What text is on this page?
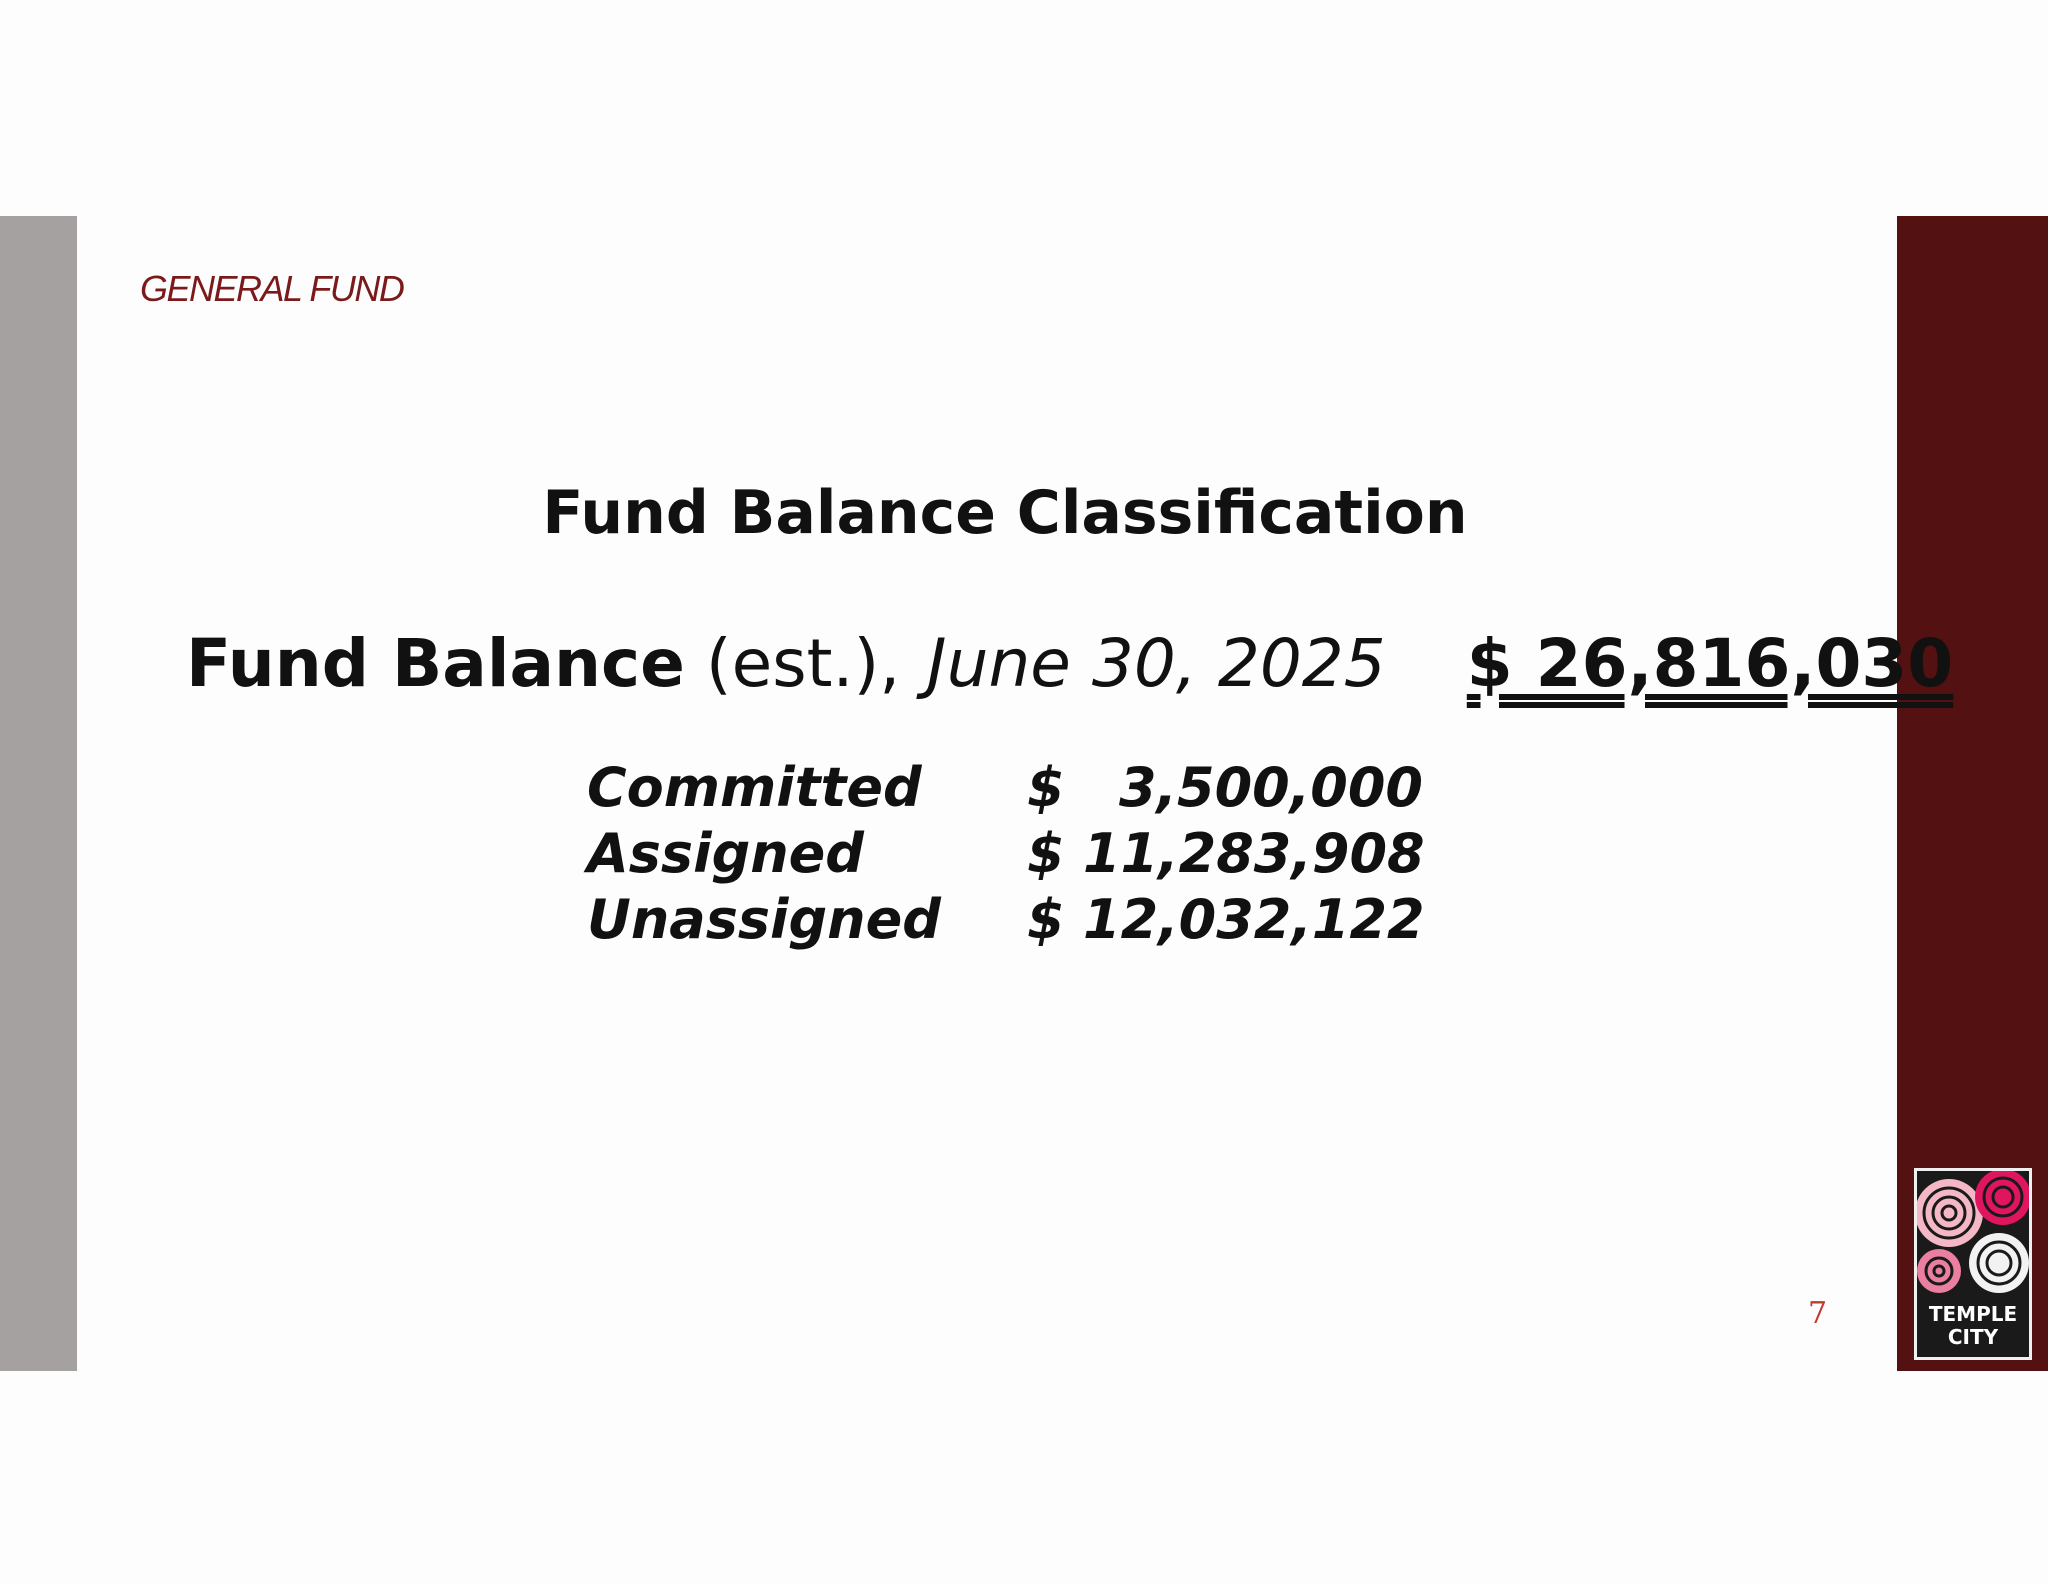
GENERAL FUND
Fund Balance Classification
Fund Balance (est.), June 30, 2025 $ 26,816,030
Committed	$	3,500,000
Assigned	$ 11,283,908
Unassigned	$ 12,032,122
7	TEMPLE
CITY
